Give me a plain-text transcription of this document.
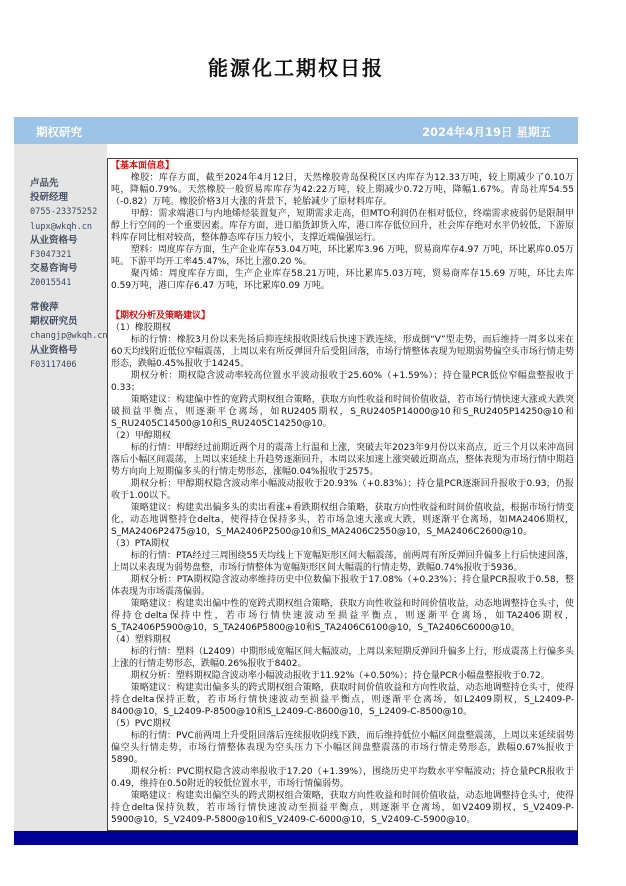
能源化工期权日报
期权研究	2024年4月19日 星期五
卢品先
投研经理
0755-23375252
lupx@wkqh.cn
从业资格号
F3047321
交易咨询号
Z0015541
常俊萍
期权研究员
changjp@wkqh.cn
从业资格号
F03117406
【基本面信息】

橡胶：库存方面，截至2024年4月12日，天然橡胶青岛保税区区内库存为12.33万吨，较上期减少了0.10万吨，降幅0.79%。天然橡胶一般贸易库库存为42.22万吨，较上期减少0.72万吨，降幅1.67%。青岛社库54.55（-0.82）万吨。橡胶价格3月大涨的背景下，轮胎减少了原材料库存。

甲醇：需求端港口与内地烯烃装置复产，短期需求走高，但MTO利润仍在相对低位，终端需求疲弱仍是限制甲醇上行空间的一个重要因素。库存方面，进口船货卸货入库，港口库存低位回升，社会库存绝对水平仍较低，下游原料库存同比相对较高，整体静态库存压力较小，支撑近端偏强运行。

塑料：周度库存方面，生产企业库存53.04万吨，环比累库3.96 万吨，贸易商库存4.97 万吨，环比累库0.05万吨。下游平均开工率45.47%，环比上涨0.20 %。

聚丙烯：周度库存方面，生产企业库存58.21万吨，环比累库5.03万吨，贸易商库存15.69 万吨，环比去库0.59万吨，港口库存6.47 万吨，环比累库0.09 万吨。

【期权分析及策略建议】

（1）橡胶期权

标的行情：橡胶3月份以来先扬后抑连续报收阳线后快速下跌连续，形成倒“V”型走势，而后维持一周多以来在60天均线附近低位窄幅震荡，上周以来有所反弹回升后受阻回落，市场行情整体表现为短期弱势偏空头市场行情走势形态，跌幅0.45%报收于14245。

期权分析：期权隐含波动率较高位置水平波动报收于25.60%（+1.59%）；持仓量PCR低位窄幅盘整报收于0.33；

策略建议：构建偏中性的宽跨式期权组合策略，获取方向性收益和时间价值收益，若市场行情快速大涨或大跌突破损益平衡点，则逐渐平仓离场，如RU2405期权，S_RU2405P14000@10和S_RU2405P14250@10和S_RU2405C14500@10和S_RU2405C14250@10。

（2）甲醇期权

标的行情：甲醇经过前期近两个月的震荡上行温和上涨，突破去年2023年9月份以来高点，近三个月以来冲高回落后小幅区间震荡，上周以来延续上升趋势逐渐回升，本周以来加速上涨突破近期高点，整体表现为市场行情中期趋势方向向上短期偏多头的行情走势形态，涨幅0.04%报收于2575。

期权分析：甲醇期权隐含波动率小幅波动报收于20.93%（+0.83%）；持仓量PCR逐渐回升报收于0.93，仍报收于1.00以下。

策略建议：构建卖出偏多头的卖出看涨+看跌期权组合策略，获取方向性收益和时间价值收益，根据市场行情变化，动态地调整持仓delta，使得持仓保持多头，若市场急速大涨或大跌，则逐渐平仓离场，如MA2406期权，S_MA2406P2475@10，S_MA2406P2500@10和S_MA2406C2550@10，S_MA2406C2600@10。

（3）PTA期权

标的行情：PTA经过三周围绕55天均线上下宽幅矩形区间大幅震荡，前两周有所反弹回升偏多上行后快速回落，上周以来表现为弱势盘整，市场行情整体为宽幅矩形区间大幅震的行情走势，跌幅0.74%报收于5936。

期权分析：PTA期权隐含波动率维持历史中位数偏下报收于17.08%（+0.23%）；持仓量PCR报收于0.58，整体表现为市场震荡偏弱。

策略建议：构建卖出偏中性的宽跨式期权组合策略，获取方向性收益和时间价值收益，动态地调整持仓头寸，使得持仓delta保持中性，若市场行情快速波动至损益平衡点，则逐渐平仓离场，如TA2406期权，S_TA2406P5900@10，S_TA2406P5800@10和S_TA2406C6100@10，S_TA2406C6000@10。

（4）塑料期权

标的行情：塑料（L2409）中期形成宽幅区间大幅波动，上周以来短期反弹回升偏多上行，形成震荡上行偏多头上涨的行情走势形态，跌幅0.26%报收于8402。

期权分析：塑料期权隐含波动率小幅波动报收于11.92%（+0.50%）；持仓量PCR小幅盘整报收于0.72。

策略建议：构建卖出偏多头的跨式期权组合策略，获取时间价值收益和方向性收益，动态地调整持仓头寸，使得持仓delta保持正数，若市场行情快速波动至损益平衡点，则逐渐平仓离场，如L2409期权，S_L2409-P-8400@10，S_L2409-P-8500@10和S_L2409-C-8600@10，S_L2409-C-8500@10。

（5）PVC期权

标的行情：PVC前两周上升受阻回落后连续报收阴线下跌，而后维持低位小幅区间盘整震荡，上周以来延续弱势偏空头行情走势，市场行情整体表现为空头压力下小幅区间盘整震荡的市场行情走势形态，跌幅0.67%报收于5890。

期权分析：PVC期权隐含波动率报收于17.20（+1.39%），围绕历史平均数水平窄幅波动；持仓量PCR报收于0.49，维持在0.50附近的较低位置水平，市场行情偏弱势。

策略建议：构建卖出偏空头的跨式期权组合策略，获取方向性收益和时间价值收益，动态地调整持仓头寸，使得持仓delta保持负数，若市场行情快速波动至损益平衡点，则逐渐平仓离场，如V2409期权，S_V2409-P-5900@10，S_V2409-P-5800@10和S_V2409-C-6000@10，S_V2409-C-5900@10。
